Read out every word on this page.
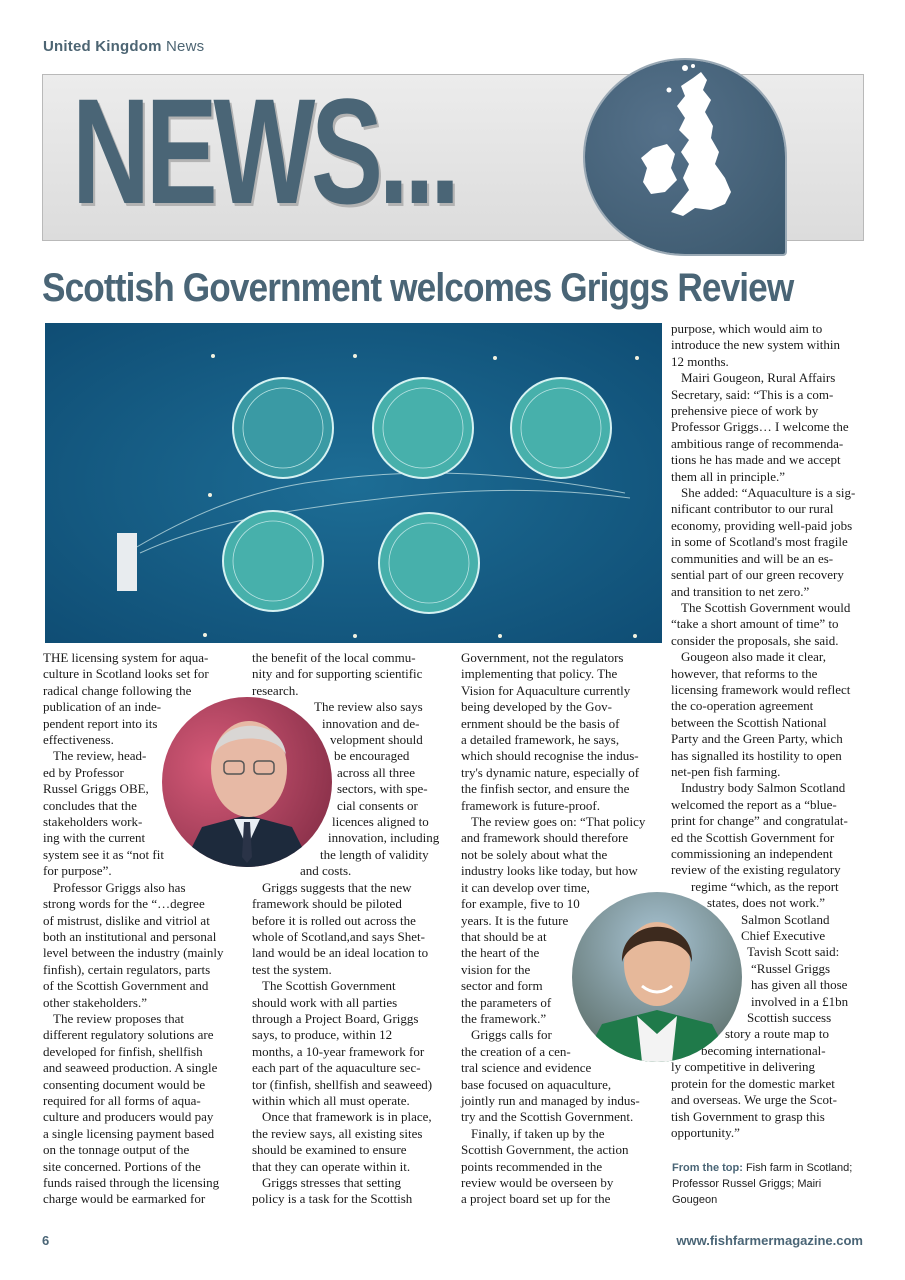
United Kingdom News
NEWS...
Scottish Government welcomes Griggs Review
THE licensing system for aqua-
culture in Scotland looks set for
radical change following the
publication of an inde-
pendent report into its
effectiveness.
The review, head-
ed by Professor
Russel Griggs OBE,
concludes that the
stakeholders work-
ing with the current
system see it as “not fit
for purpose”.
Professor Griggs also has
strong words for the “…degree
of mistrust, dislike and vitriol at
both an institutional and personal
level between the industry (mainly
finfish), certain regulators, parts
of the Scottish Government and
other stakeholders.”
The review proposes that
different regulatory solutions are
developed for finfish, shellfish
and seaweed production. A single
consenting document would be
required for all forms of aqua-
culture and producers would pay
a single licensing payment based
on the tonnage output of the
site concerned. Portions of the
funds raised through the licensing
charge would be earmarked for
the benefit of the local commu-
nity and for supporting scientific
research.
The review also says
innovation and de-
velopment should
be encouraged
across all three
sectors, with spe-
cial consents or
licences aligned to
innovation, including
the length of validity
and costs.
Griggs suggests that the new
framework should be piloted
before it is rolled out across the
whole of Scotland,and says Shet-
land would be an ideal location to
test the system.
The Scottish Government
should work with all parties
through a Project Board, Griggs
says, to produce, within 12
months, a 10-year framework for
each part of the aquaculture sec-
tor (finfish, shellfish and seaweed)
within which all must operate.
Once that framework is in place,
the review says, all existing sites
should be examined to ensure
that they can operate within it.
Griggs stresses that setting
policy is a task for the Scottish
Government, not the regulators
implementing that policy. The
Vision for Aquaculture currently
being developed by the Gov-
ernment should be the basis of
a detailed framework, he says,
which should recognise the indus-
try's dynamic nature, especially of
the finfish sector, and ensure the
framework is future-proof.
The review goes on: “That policy
and framework should therefore
not be solely about what the
industry looks like today, but how
it can develop over time,
for example, five to 10
years. It is the future
that should be at
the heart of the
vision for the
sector and form
the parameters of
the framework.”
Griggs calls for
the creation of a cen-
tral science and evidence
base focused on aquaculture,
jointly run and managed by indus-
try and the Scottish Government.
Finally, if taken up by the
Scottish Government, the action
points recommended in the
review would be overseen by
a project board set up for the
purpose, which would aim to
introduce the new system within
12 months.
Mairi Gougeon, Rural Affairs
Secretary, said: “This is a com-
prehensive piece of work by
Professor Griggs… I welcome the
ambitious range of recommenda-
tions he has made and we accept
them all in principle.”
She added: “Aquaculture is a sig-
nificant contributor to our rural
economy, providing well-paid jobs
in some of Scotland's most fragile
communities and will be an es-
sential part of our green recovery
and transition to net zero.”
The Scottish Government would
“take a short amount of time” to
consider the proposals, she said.
Gougeon also made it clear,
however, that reforms to the
licensing framework would reflect
the co-operation agreement
between the Scottish National
Party and the Green Party, which
has signalled its hostility to open
net-pen fish farming.
Industry body Salmon Scotland
welcomed the report as a “blue-
print for change” and congratulat-
ed the Scottish Government for
commissioning an independent
review of the existing regulatory
regime “which, as the report
states, does not work.”
Salmon Scotland
Chief Executive
Tavish Scott said:
“Russel Griggs
has given all those
involved in a £1bn
Scottish success
story a route map to
becoming international-
ly competitive in delivering
protein for the domestic market
and overseas. We urge the Scot-
tish Government to grasp this
opportunity.”
From the top: Fish farm in Scotland; Professor Russel Griggs; Mairi Gougeon
6	www.fishfarmermagazine.com
